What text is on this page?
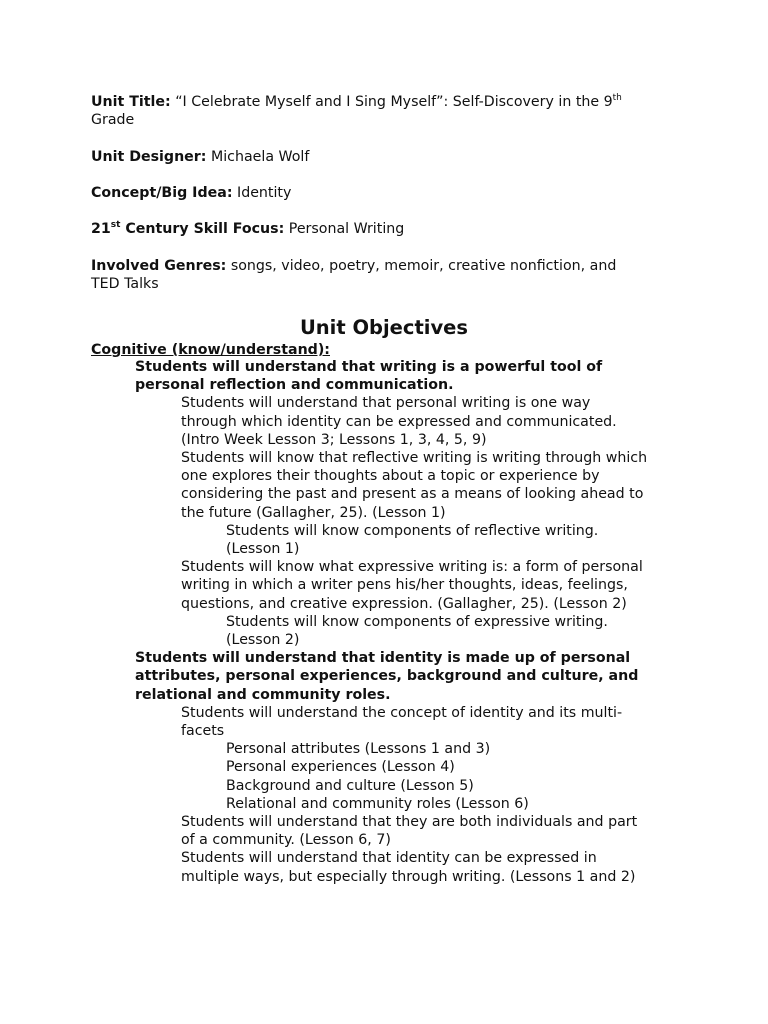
Unit Title: “I Celebrate Myself and I Sing Myself”: Self-Discovery in the 9th
Grade
Unit Designer: Michaela Wolf
Concept/Big Idea: Identity
21st Century Skill Focus: Personal Writing
Involved Genres: songs, video, poetry, memoir, creative nonfiction, and
TED Talks
Unit Objectives
Cognitive (know/understand):
Students will understand that writing is a powerful tool of
personal reflection and communication.
Students will understand that personal writing is one way
through which identity can be expressed and communicated.
(Intro Week Lesson 3; Lessons 1, 3, 4, 5, 9)
Students will know that reflective writing is writing through which
one explores their thoughts about a topic or experience by
considering the past and present as a means of looking ahead to
the future (Gallagher, 25). (Lesson 1)
Students will know components of reflective writing.
(Lesson 1)
Students will know what expressive writing is: a form of personal
writing in which a writer pens his/her thoughts, ideas, feelings,
questions, and creative expression. (Gallagher, 25). (Lesson 2)
Students will know components of expressive writing.
(Lesson 2)
Students will understand that identity is made up of personal
attributes, personal experiences, background and culture, and
relational and community roles.
Students will understand the concept of identity and its multi-
facets
Personal attributes (Lessons 1 and 3)
Personal experiences (Lesson 4)
Background and culture (Lesson 5)
Relational and community roles (Lesson 6)
Students will understand that they are both individuals and part
of a community. (Lesson 6, 7)
Students will understand that identity can be expressed in
multiple ways, but especially through writing. (Lessons 1 and 2)
